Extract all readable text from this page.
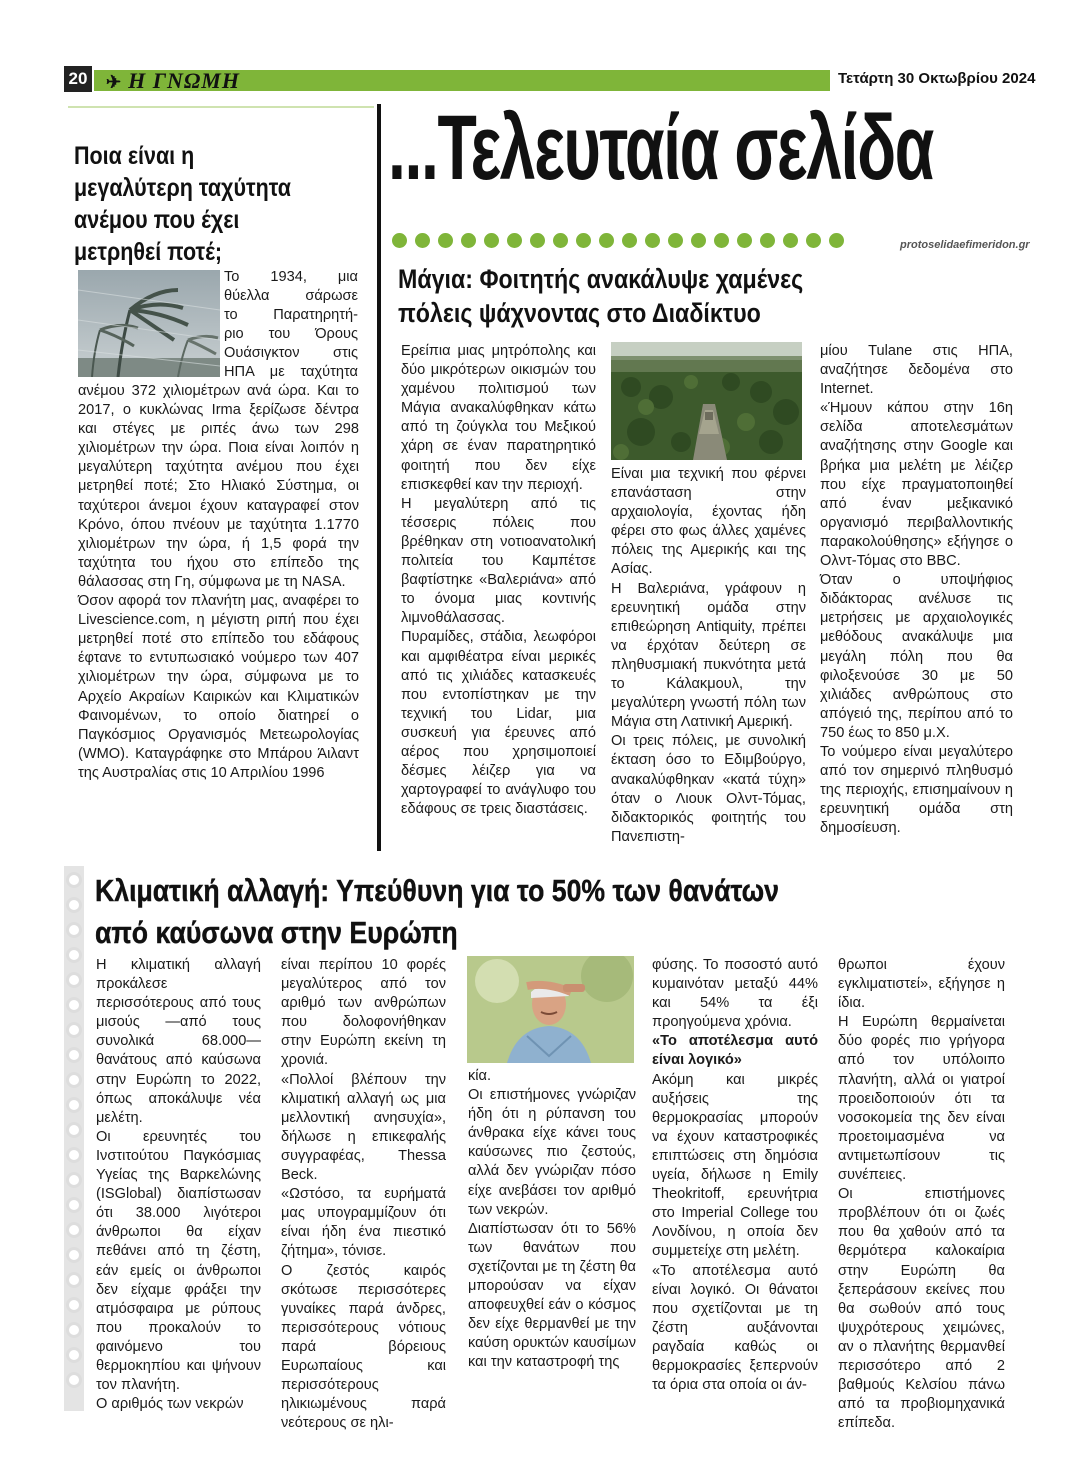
20 ✈ Η ΓΝΩΜΗ	Τετάρτη 30 Οκτωβρίου 2024
...Τελευταία σελίδα
protoselidaefimeridon.gr
Ποια είναι η
μεγαλύτερη ταχύτητα
ανέμου που έχει
μετρηθεί ποτέ;
Το 1934, μια
θύελλα σάρωσε
το Παρατηρητή-
ριο του Όρους
Ουάσιγκτον στις
ΗΠΑ με ταχύτητα

ανέμου 372 χιλιομέτρων ανά ώρα. Και το 2017, ο κυκλώνας Irma ξερίζωσε δέντρα και στέγες με ριπές άνω των 298 χιλιομέτρων την ώρα. Ποια είναι λοιπόν η μεγαλύτερη ταχύτητα ανέμου που έχει μετρηθεί ποτέ; Στο Ηλιακό Σύστημα, οι ταχύτεροι άνεμοι έχουν καταγραφεί στον Κρόνο, όπου πνέουν με ταχύτητα 1.1770 χιλιομέτρων την ώρα, ή 1,5 φορά την ταχύτητα του ήχου στο επίπεδο της θάλασσας στη Γη, σύμφωνα με τη NASA.

Όσον αφορά τον πλανήτη μας, αναφέρει το Livescience.com, η μέγιστη ριπή που έχει μετρηθεί ποτέ στο επίπεδο του εδάφους έφτανε το εντυπωσιακό νούμερο των 407 χιλιομέτρων την ώρα, σύμφωνα με το Αρχείο Ακραίων Καιρικών και Κλιματικών Φαινομένων, το οποίο διατηρεί ο Παγκόσμιος Οργανισμός Μετεωρολογίας (WMO). Καταγράφηκε στο Μπάρου Άιλαντ της Αυστραλίας στις 10 Απριλίου 1996

Μάγια: Φοιτητής ανακάλυψε χαμένες
πόλεις ψάχνοντας στο Διαδίκτυο

Ερείπια μιας μητρόπολης και δύο μικρότερων οικισμών του χαμένου πολιτισμού των Μάγια ανακαλύφθηκαν κάτω από τη ζούγκλα του Μεξικού χάρη σε έναν παρατηρητικό φοιτητή που δεν είχε επισκεφθεί καν την περιοχή.

Η μεγαλύτερη από τις τέσσερις πόλεις που βρέθηκαν στη νοτιοανατολική πολιτεία του Καμπέτσε βαφτίστηκε «Βαλεριάνα» από το όνομα μιας κοντινής λιμνοθάλασσας.

Πυραμίδες, στάδια, λεωφόροι και αμφιθέατρα είναι μερικές από τις χιλιάδες κατασκευές που εντοπίστηκαν με την τεχνική του Lidar, μια συσκευή για έρευνες από αέρος που χρησιμοποιεί δέσμες λέιζερ για να χαρτογραφεί το ανάγλυφο του εδάφους σε τρεις διαστάσεις.

Είναι μια τεχνική που φέρνει επανάσταση στην αρχαιολογία, έχοντας ήδη φέρει στο φως άλλες χαμένες πόλεις της Αμερικής και της Ασίας.

Η Βαλεριάνα, γράφουν η ερευνητική ομάδα στην επιθεώρηση Antiquity, πρέπει να έρχόταν δεύτερη σε πληθυσμιακή πυκνότητα μετά το Κάλακμουλ, την μεγαλύτερη γνωστή πόλη των Μάγια στη Λατινική Αμερική.

Οι τρεις πόλεις, με συνολική έκταση όσο το Εδιμβούργο, ανακαλύφθηκαν «κατά τύχη» όταν ο Λιουκ Ολντ-Τόμας, διδακτορικός φοιτητής του Πανεπιστη-

μίου Tulane στις ΗΠΑ, αναζήτησε δεδομένα στο Internet.

«Ήμουν κάπου στην 16η σελίδα αποτελεσμάτων αναζήτησης στην Google και βρήκα μια μελέτη με λέιζερ που είχε πραγματοποιηθεί από έναν μεξικανικό οργανισμό περιβαλλοντικής παρακολούθησης» εξήγησε ο Ολντ-Τόμας στο BBC.

Όταν ο υποψήφιος διδάκτορας ανέλυσε τις μετρήσεις με αρχαιολογικές μεθόδους ανακάλυψε μια μεγάλη πόλη που θα φιλοξενούσε 30 με 50 χιλιάδες ανθρώπους στο απόγειό της, περίπου από το 750 έως το 850 μ.Χ.

Το νούμερο είναι μεγαλύτερο από τον σημερινό πληθυσμό της περιοχής, επισημαίνουν η ερευνητική ομάδα στη δημοσίευση.

Κλιματική αλλαγή: Υπεύθυνη για το 50% των θανάτων
από καύσωνα στην Ευρώπη

Η κλιματική αλλαγή προκάλεσε περισσότερους από τους μισούς —από τους συνολικά 68.000— θανάτους από καύσωνα στην Ευρώπη το 2022, όπως αποκάλυψε νέα μελέτη.

Οι ερευνητές του Ινστιτούτου Παγκόσμιας Υγείας της Βαρκελώνης (ISGlobal) διαπίστωσαν ότι 38.000 λιγότεροι άνθρωποι θα είχαν πεθάνει από τη ζέστη, εάν εμείς οι άνθρωποι δεν είχαμε φράξει την ατμόσφαιρα με ρύπους που προκαλούν το φαινόμενο του θερμοκηπίου και ψήνουν τον πλανήτη.

Ο αριθμός των νεκρών

είναι περίπου 10 φορές μεγαλύτερος από τον αριθμό των ανθρώπων που δολοφονήθηκαν στην Ευρώπη εκείνη τη χρονιά.

«Πολλοί βλέπουν την κλιματική αλλαγή ως μια μελλοντική ανησυχία», δήλωσε η επικεφαλής συγγραφέας, Thessa Beck.

«Ωστόσο, τα ευρήματά μας υπογραμμίζουν ότι είναι ήδη ένα πιεστικό ζήτημα», τόνισε.

Ο ζεστός καιρός σκότωσε περισσότερες γυναίκες παρά άνδρες, περισσότερους νότιους παρά βόρειους Ευρωπαίους και περισσότερους ηλικιωμένους παρά νεότερους σε ηλι-

κία.

Οι επιστήμονες γνώριζαν ήδη ότι η ρύπανση του άνθρακα είχε κάνει τους καύσωνες πιο ζεστούς, αλλά δεν γνώριζαν πόσο είχε ανεβάσει τον αριθμό των νεκρών.

Διαπίστωσαν ότι το 56% των θανάτων που σχετίζονται με τη ζέστη θα μπορούσαν να είχαν αποφευχθεί εάν ο κόσμος δεν είχε θερμανθεί με την καύση ορυκτών καυσίμων και την καταστροφή της

φύσης. Το ποσοστό αυτό κυμαινόταν μεταξύ 44% και 54% τα έξι προηγούμενα χρόνια.

«Το αποτέλεσμα αυτό είναι λογικό»

Ακόμη και μικρές αυξήσεις της θερμοκρασίας μπορούν να έχουν καταστροφικές επιπτώσεις στη δημόσια υγεία, δήλωσε η Emily Theokritoff, ερευνήτρια στο Imperial College του Λονδίνου, η οποία δεν συμμετείχε στη μελέτη.

«Το αποτέλεσμα αυτό είναι λογικό. Οι θάνατοι που σχετίζονται με τη ζέστη αυξάνονται ραγδαία καθώς οι θερμοκρασίες ξεπερνούν τα όρια στα οποία οι άν-

θρωποι έχουν εγκλιματιστεί», εξήγησε η ίδια.

Η Ευρώπη θερμαίνεται δύο φορές πιο γρήγορα από τον υπόλοιπο πλανήτη, αλλά οι γιατροί προειδοποιούν ότι τα νοσοκομεία της δεν είναι προετοιμασμένα να αντιμετωπίσουν τις συνέπειες.

Οι επιστήμονες προβλέπουν ότι οι ζωές που θα χαθούν από τα θερμότερα καλοκαίρια στην Ευρώπη θα ξεπεράσουν εκείνες που θα σωθούν από τους ψυχρότερους χειμώνες, αν ο πλανήτης θερμανθεί περισσότερο από 2 βαθμούς Κελσίου πάνω από τα προβιομηχανικά επίπεδα.
